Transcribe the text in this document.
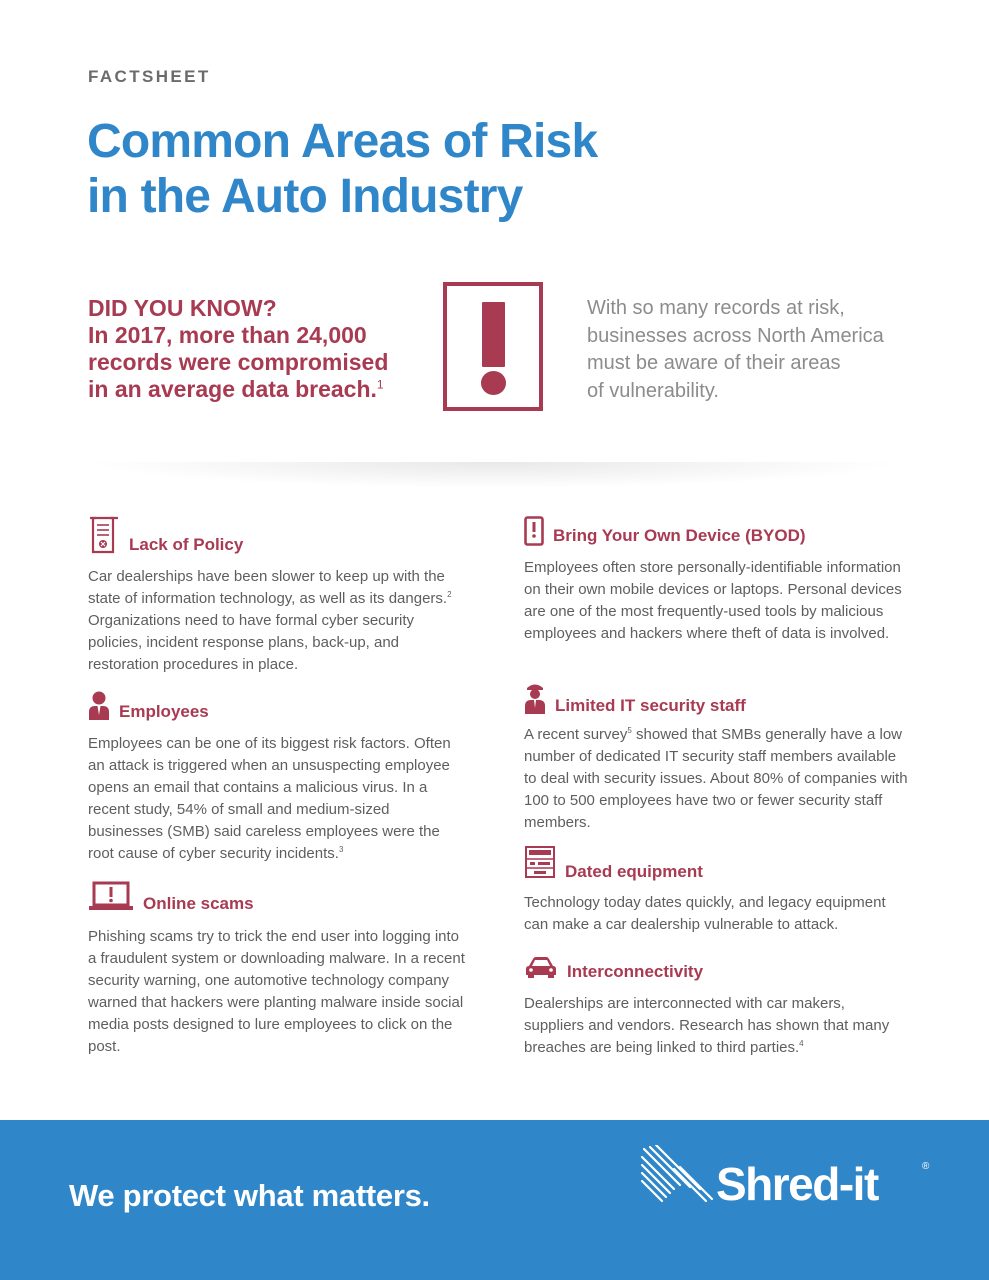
FACTSHEET
Common Areas of Risk
in the Auto Industry
DID YOU KNOW?
In 2017, more than 24,000
records were compromised
in an average data breach.$^1$
With so many records at risk,
businesses across North America
must be aware of their areas
of vulnerability.
Lack of Policy

Car dealerships have been slower to keep up with the state of information technology, as well as its dangers.$^2$ Organizations need to have formal cyber security policies, incident response plans, back-up, and restoration procedures in place.

Employees

Employees can be one of its biggest risk factors. Often an attack is triggered when an unsuspecting employee opens an email that contains a malicious virus. In a recent study, 54% of small and medium-sized businesses (SMB) said careless employees were the root cause of cyber security incidents.$^3$

Online scams

Phishing scams try to trick the end user into logging into a fraudulent system or downloading malware. In a recent security warning, one automotive technology company warned that hackers were planting malware inside social media posts designed to lure employees to click on the post.

Bring Your Own Device (BYOD)

Employees often store personally-identifiable information on their own mobile devices or laptops. Personal devices are one of the most frequently-used tools by malicious employees and hackers where theft of data is involved.

Limited IT security staff

A recent survey$^5$ showed that SMBs generally have a low number of dedicated IT security staff members available to deal with security issues. About 80% of companies with 100 to 500 employees have two or fewer security staff members.

Dated equipment

Technology today dates quickly, and legacy equipment can make a car dealership vulnerable to attack.

Interconnectivity

Dealerships are interconnected with car makers, suppliers and vendors. Research has shown that many breaches are being linked to third parties.$^4$

We protect what matters.	Shred-it	®
